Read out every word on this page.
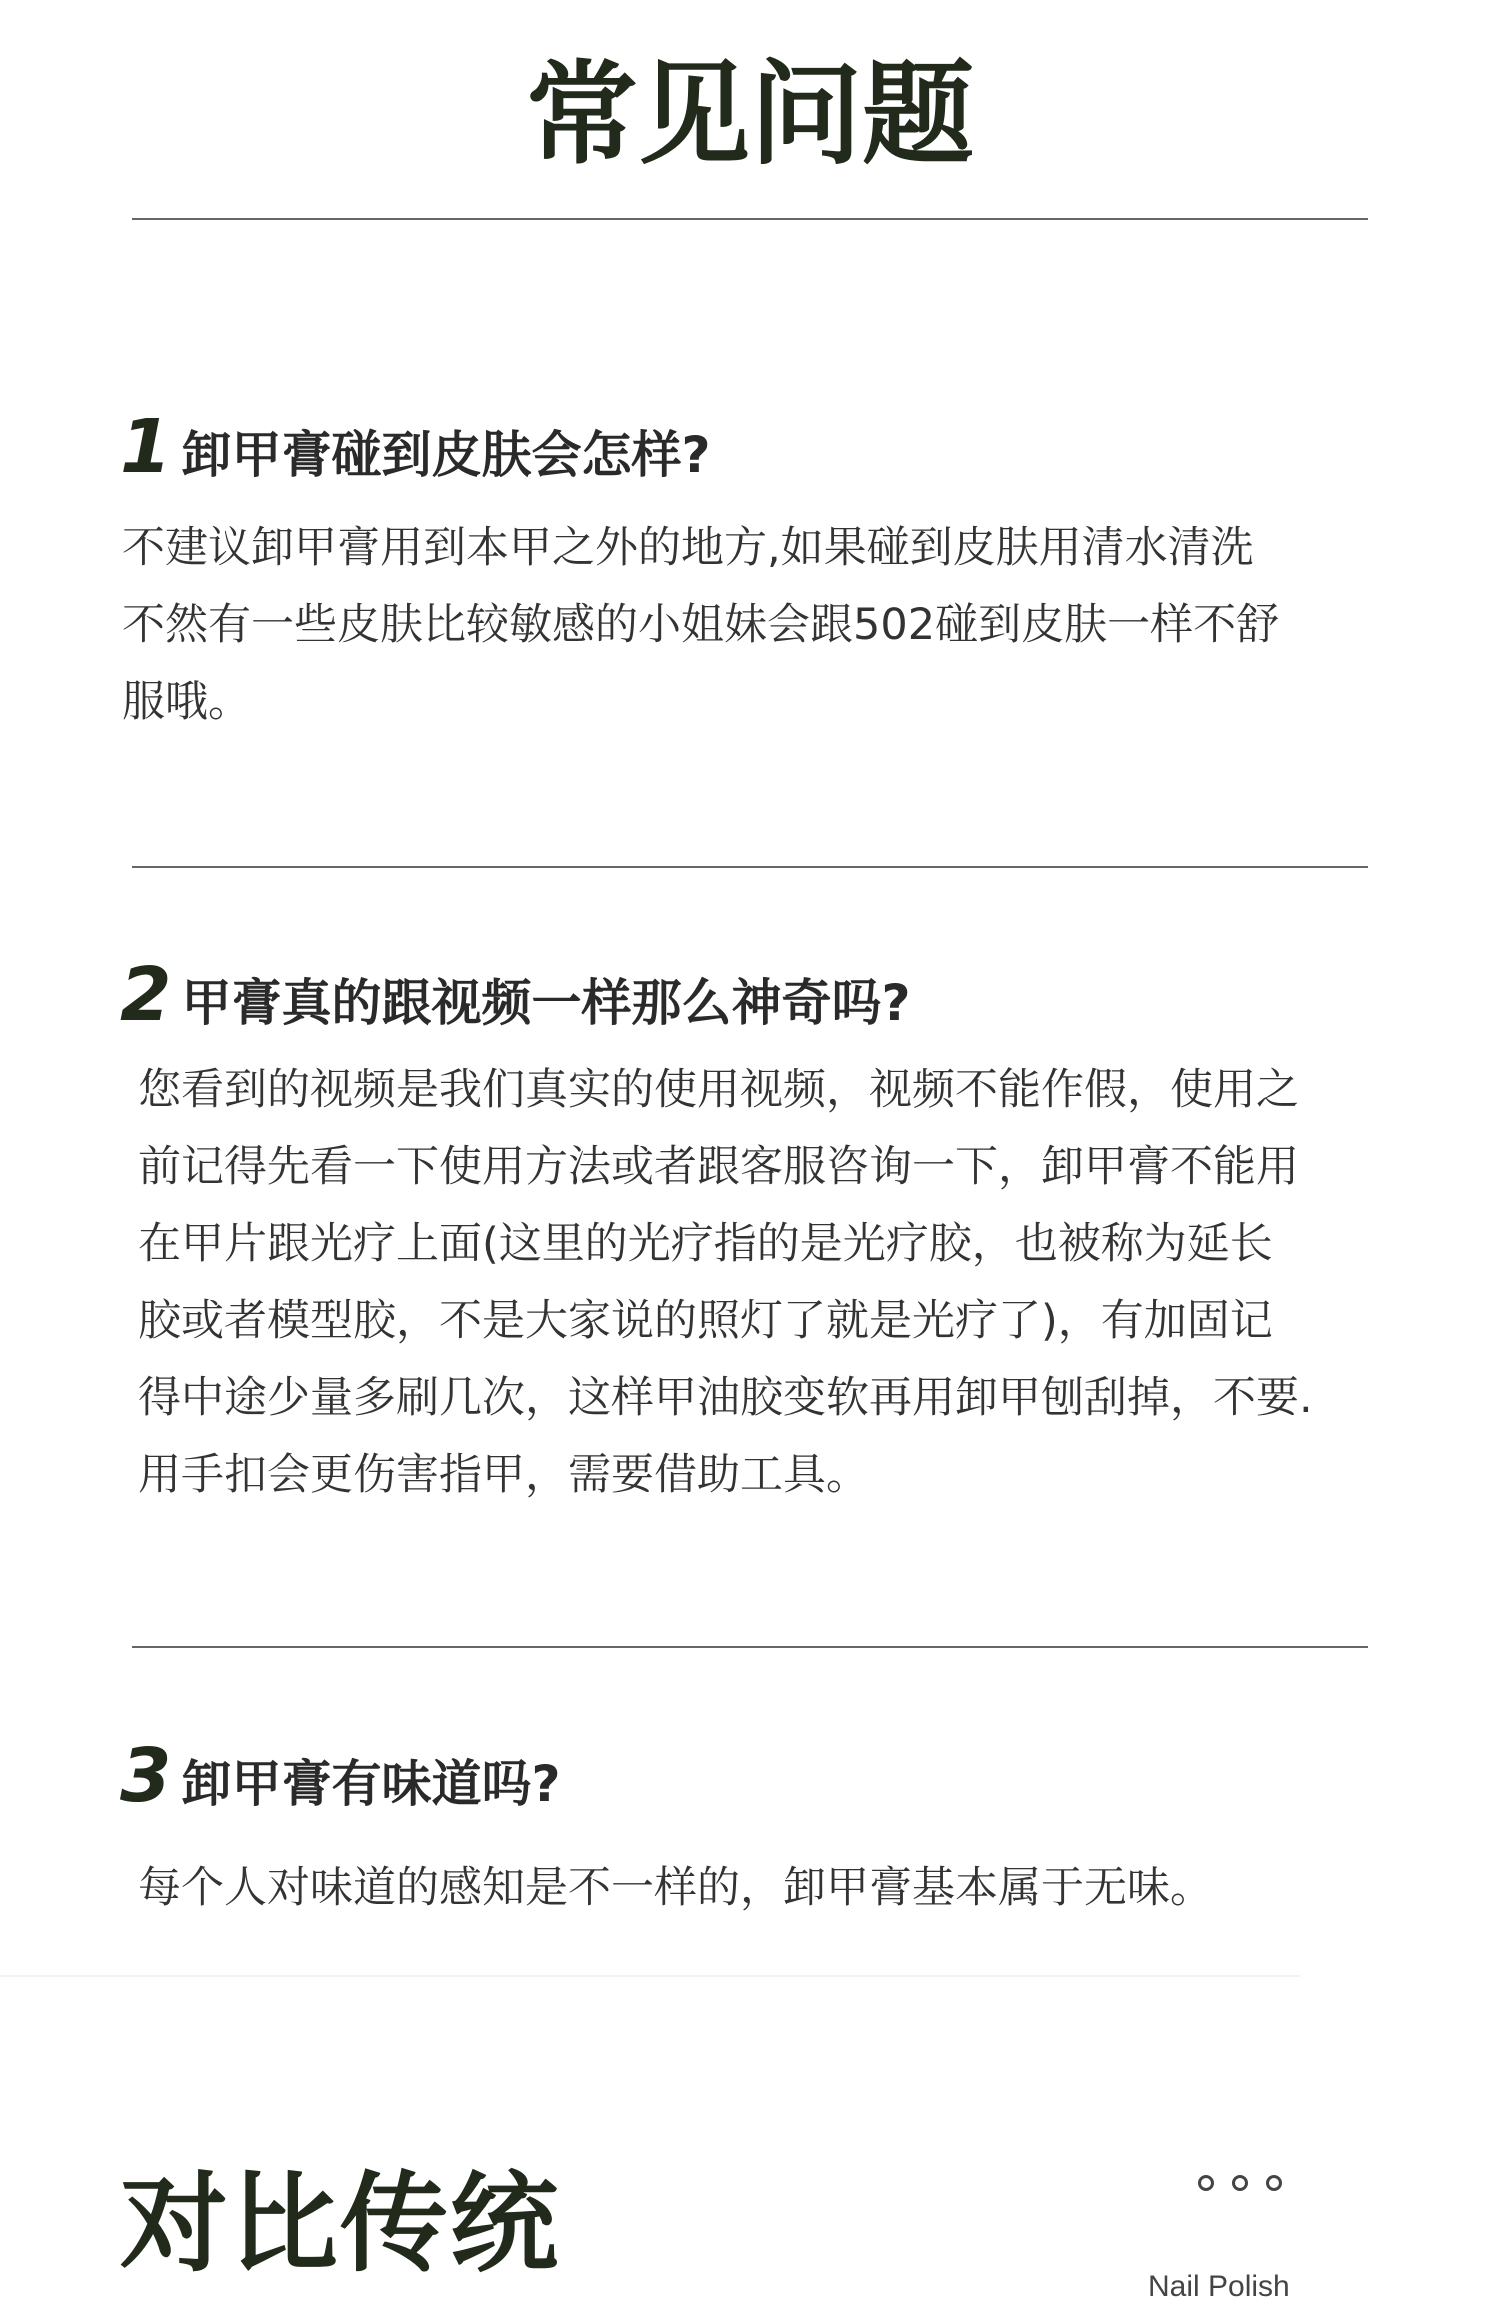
常见问题
1 卸甲膏碰到皮肤会怎样?
不建议卸甲膏用到本甲之外的地方,如果碰到皮肤用清水清洗
不然有一些皮肤比较敏感的小姐妹会跟502碰到皮肤一样不舒
服哦。
2 甲膏真的跟视频一样那么神奇吗?
您看到的视频是我们真实的使用视频，视频不能作假，使用之
前记得先看一下使用方法或者跟客服咨询一下，卸甲膏不能用
在甲片跟光疗上面(这里的光疗指的是光疗胶，也被称为延长
胶或者模型胶，不是大家说的照灯了就是光疗了)，有加固记
得中途少量多刷几次，这样甲油胶变软再用卸甲刨刮掉，不要.
用手扣会更伤害指甲，需要借助工具。
3 卸甲膏有味道吗?
每个人对味道的感知是不一样的，卸甲膏基本属于无味。
对比传统	Nail Polish
